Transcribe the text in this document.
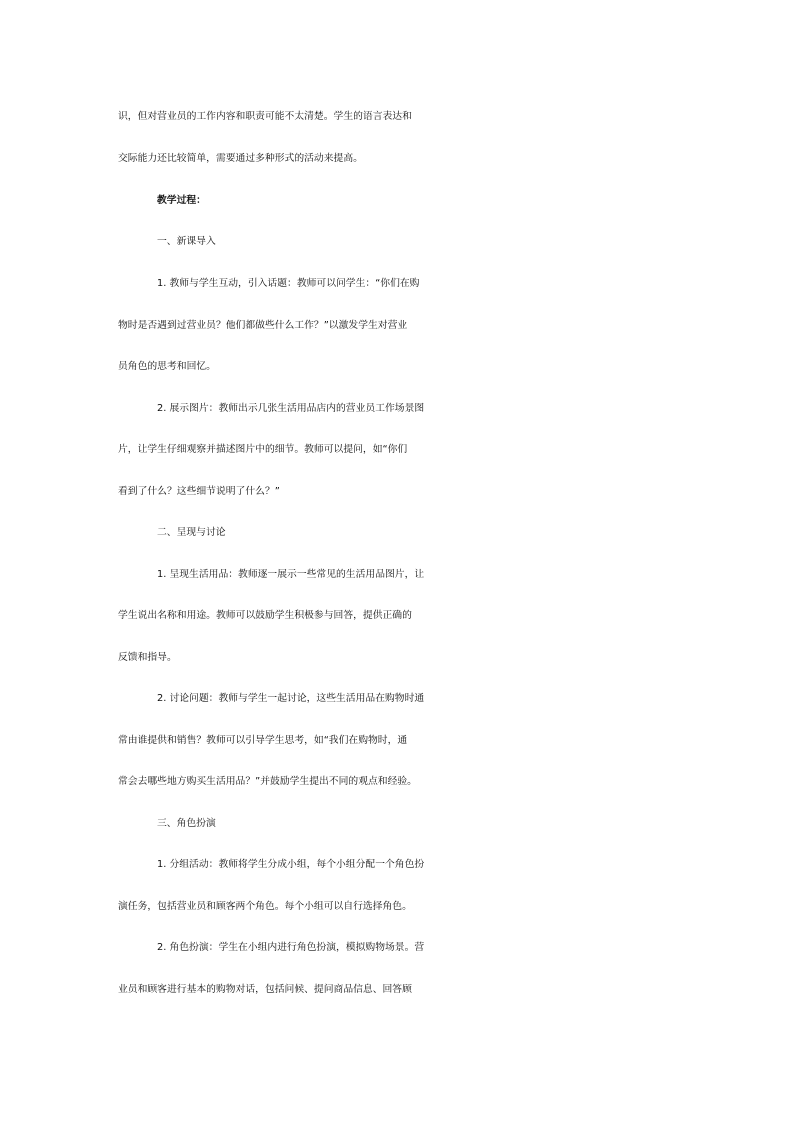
识，但对营业员的工作内容和职责可能不太清楚。学生的语言表达和
交际能力还比较简单，需要通过多种形式的活动来提高。
教学过程：
一、新课导入
1. 教师与学生互动，引入话题：教师可以问学生：“你们在购
物时是否遇到过营业员？他们都做些什么工作？”以激发学生对营业
员角色的思考和回忆。
2. 展示图片：教师出示几张生活用品店内的营业员工作场景图
片，让学生仔细观察并描述图片中的细节。教师可以提问，如“你们
看到了什么？这些细节说明了什么？”
二、呈现与讨论
1. 呈现生活用品：教师逐一展示一些常见的生活用品图片，让
学生说出名称和用途。教师可以鼓励学生积极参与回答，提供正确的
反馈和指导。
2. 讨论问题：教师与学生一起讨论，这些生活用品在购物时通
常由谁提供和销售？教师可以引导学生思考，如“我们在购物时，通
常会去哪些地方购买生活用品？”并鼓励学生提出不同的观点和经验。
三、角色扮演
1. 分组活动：教师将学生分成小组，每个小组分配一个角色扮
演任务，包括营业员和顾客两个角色。每个小组可以自行选择角色。
2. 角色扮演：学生在小组内进行角色扮演，模拟购物场景。营
业员和顾客进行基本的购物对话，包括问候、提问商品信息、回答顾
